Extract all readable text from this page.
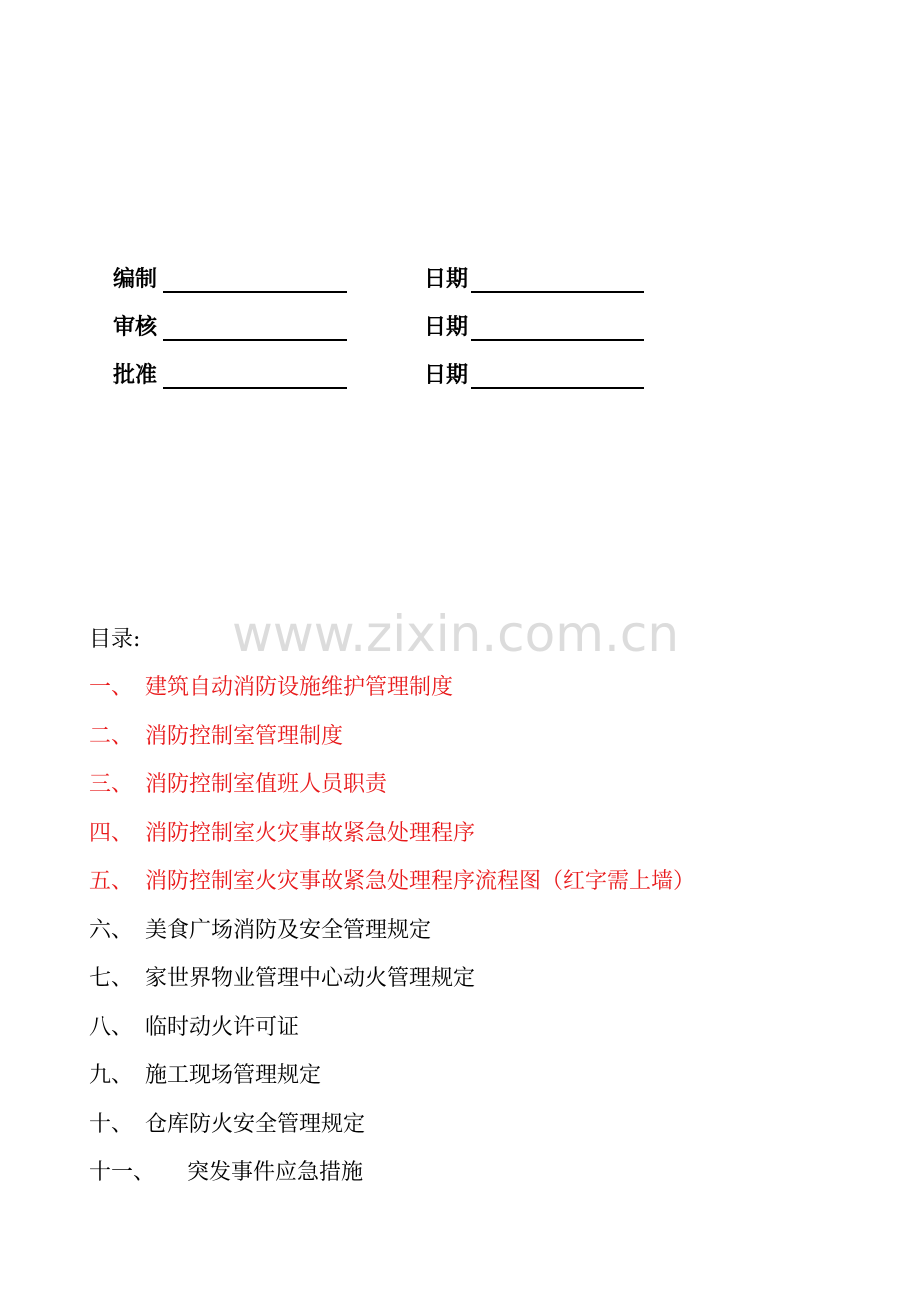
编制	日期
审核	日期
批准	日期
www.zixin.com.cn
目录:
一、 建筑自动消防设施维护管理制度
二、 消防控制室管理制度
三、 消防控制室值班人员职责
四、 消防控制室火灾事故紧急处理程序
五、 消防控制室火灾事故紧急处理程序流程图（红字需上墙）
六、 美食广场消防及安全管理规定
七、 家世界物业管理中心动火管理规定
八、 临时动火许可证
九、 施工现场管理规定
十、 仓库防火安全管理规定
十一、 突发事件应急措施
